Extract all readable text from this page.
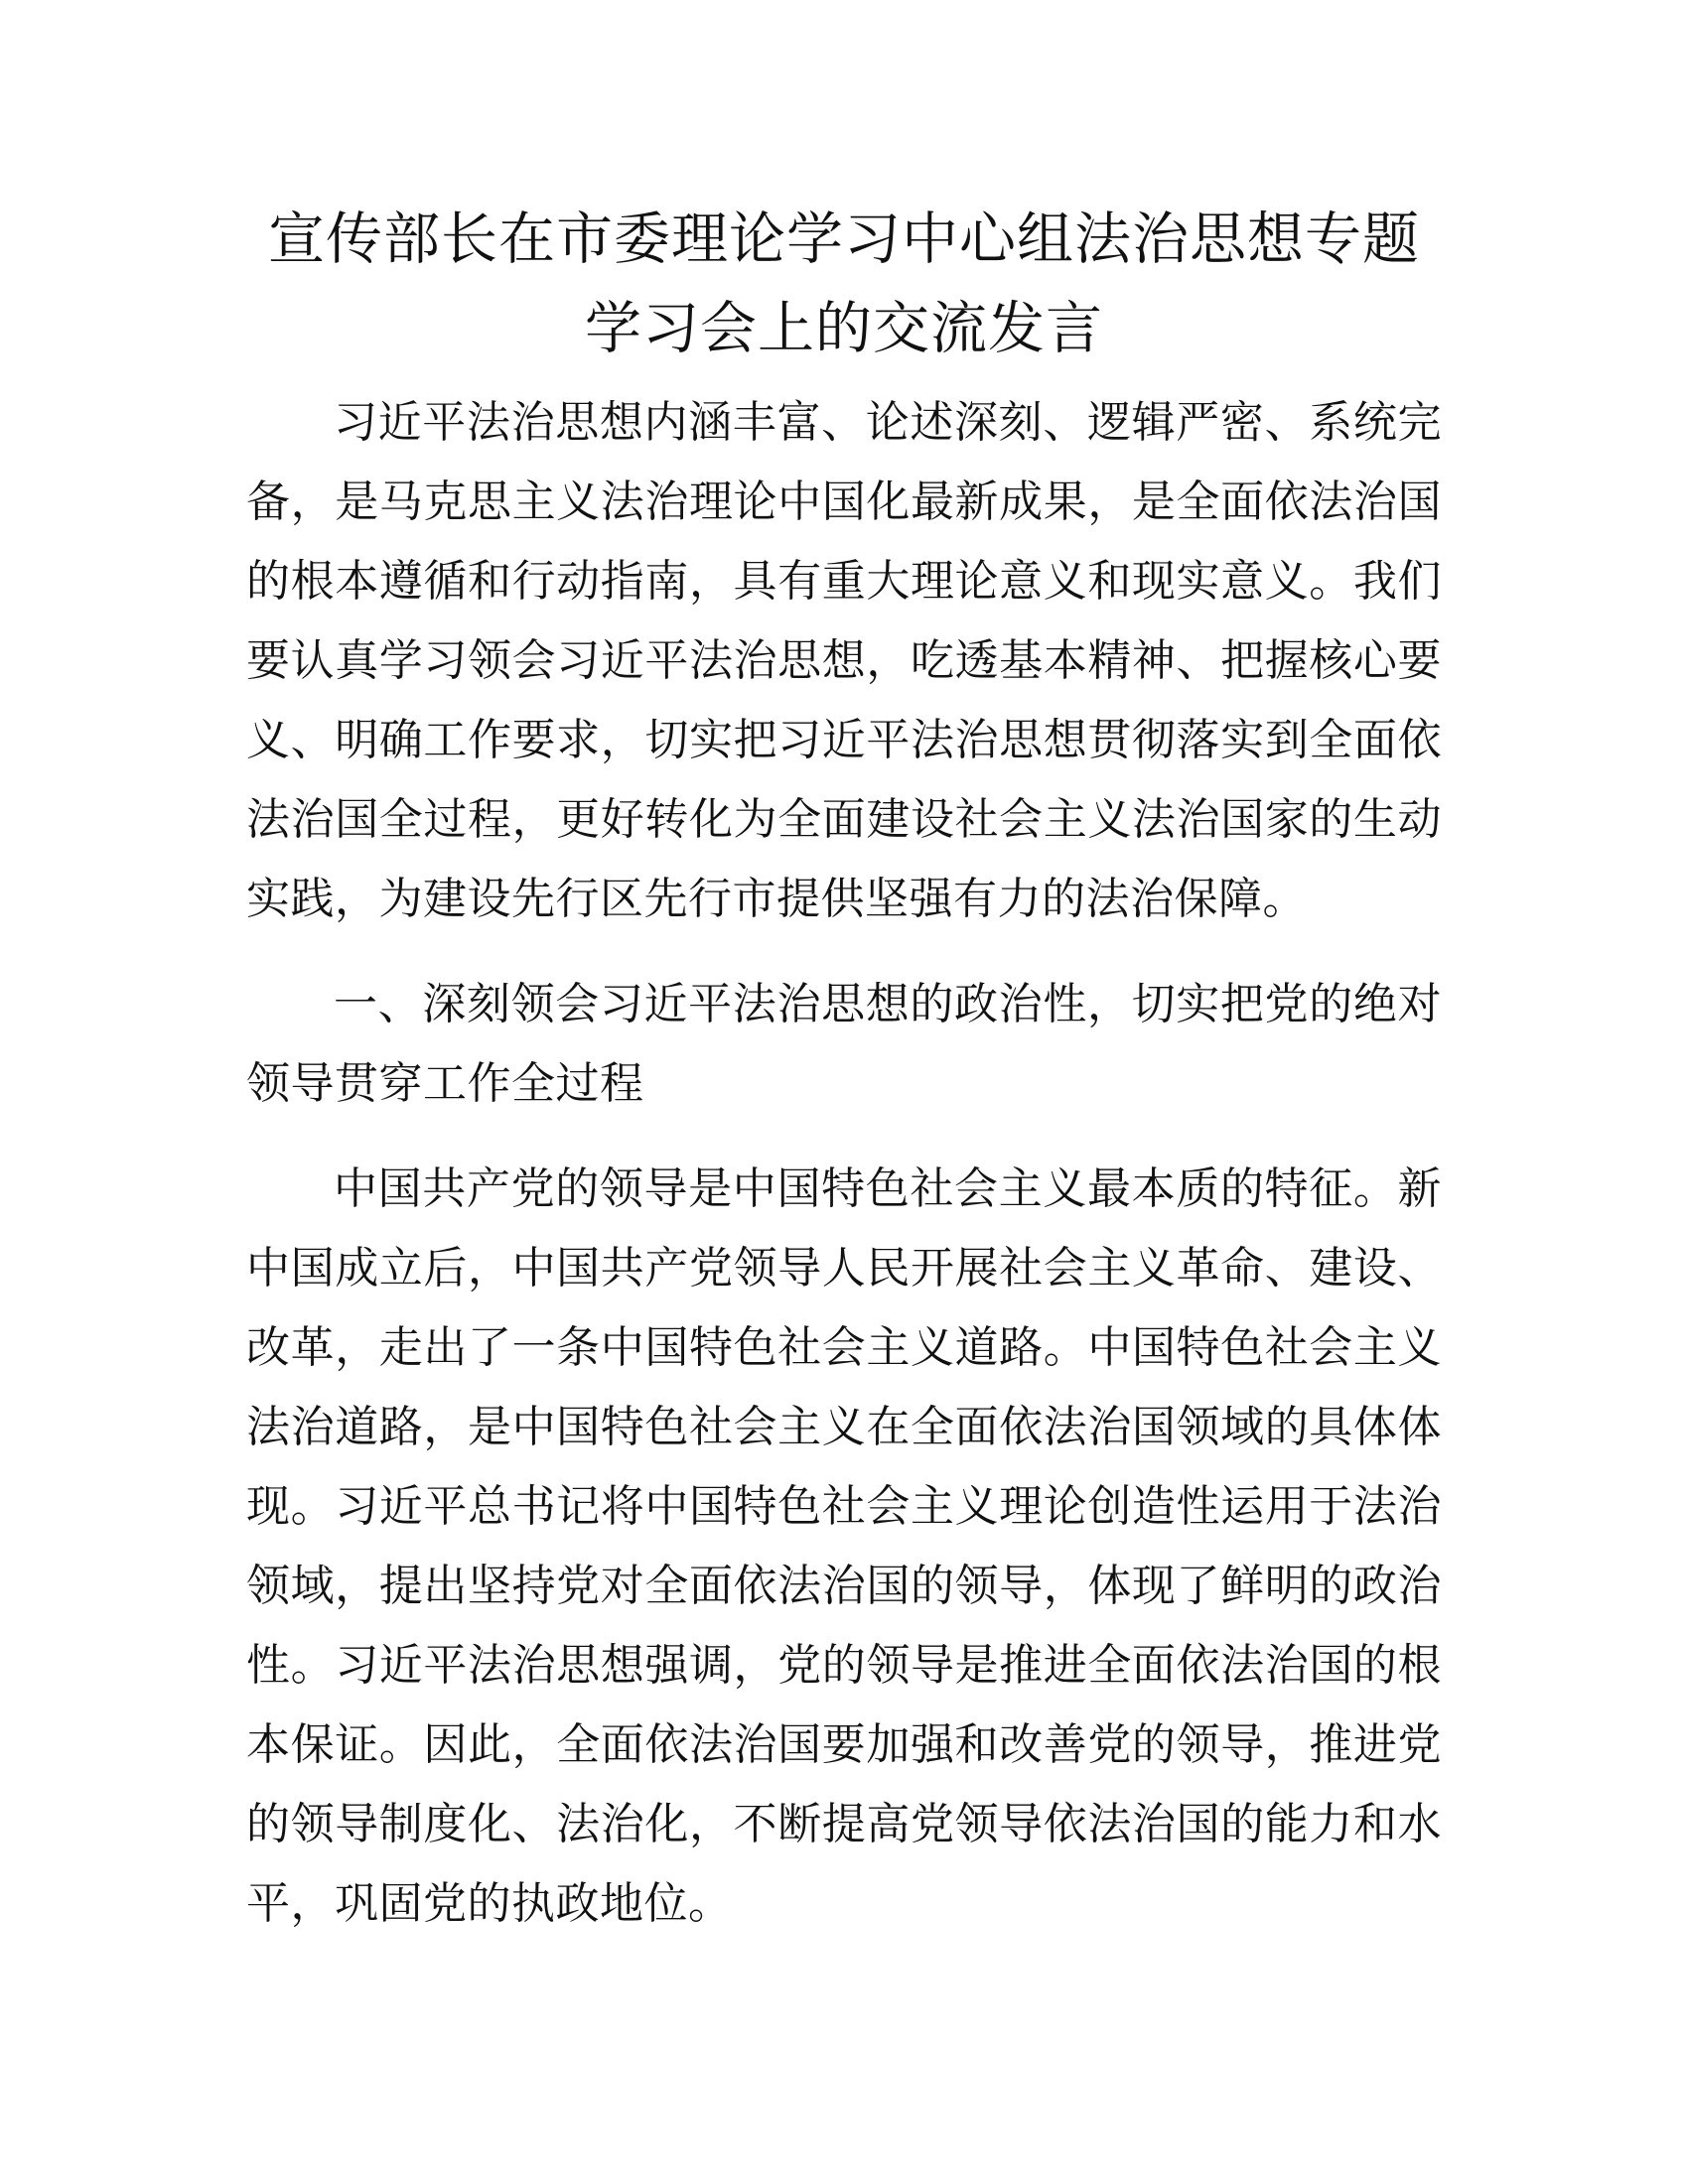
宣传部长在市委理论学习中心组法治思想专题
学习会上的交流发言

习近平法治思想内涵丰富、论述深刻、逻辑严密、系统完备，是马克思主义法治理论中国化最新成果，是全面依法治国的根本遵循和行动指南，具有重大理论意义和现实意义。我们要认真学习领会习近平法治思想，吃透基本精神、把握核心要义、明确工作要求，切实把习近平法治思想贯彻落实到全面依法治国全过程，更好转化为全面建设社会主义法治国家的生动实践，为建设先行区先行市提供坚强有力的法治保障。

一、深刻领会习近平法治思想的政治性，切实把党的绝对领导贯穿工作全过程

中国共产党的领导是中国特色社会主义最本质的特征。新中国成立后，中国共产党领导人民开展社会主义革命、建设、改革，走出了一条中国特色社会主义道路。中国特色社会主义法治道路，是中国特色社会主义在全面依法治国领域的具体体现。习近平总书记将中国特色社会主义理论创造性运用于法治领域，提出坚持党对全面依法治国的领导，体现了鲜明的政治性。习近平法治思想强调，党的领导是推进全面依法治国的根本保证。因此，全面依法治国要加强和改善党的领导，推进党的领导制度化、法治化，不断提高党领导依法治国的能力和水平，巩固党的执政地位。
